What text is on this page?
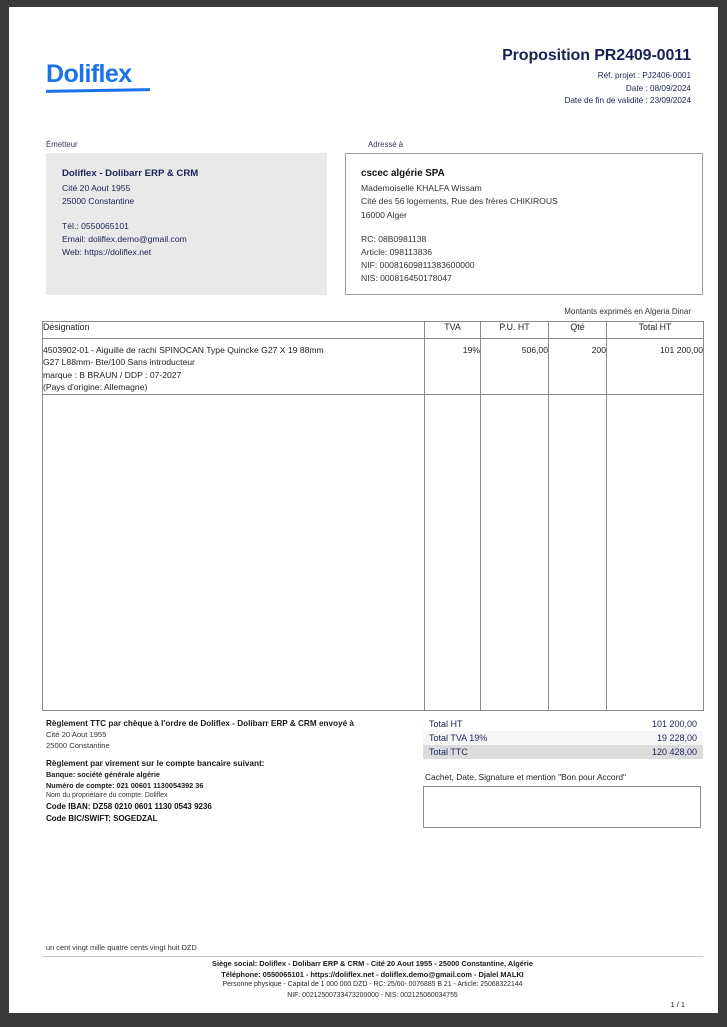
Doliflex
Proposition PR2409-0011
Réf. projet : PJ2406-0001
Date : 08/09/2024
Date de fin de validité : 23/09/2024
Émetteur	Adressé à
Doliflex - Dolibarr ERP & CRM
Cité 20 Aout 1955
25000 Constantine
Tél.: 0550065101
Email: doliflex.demo@gmail.com
Web: https://doliflex.net
cscec algérie SPA
Mademoiselle KHALFA Wissam
Cité des 56 logements, Rue des frères CHIKIROUS
16000 Alger
RC: 08B0981138
Article: 098113836
NIF: 00081609811383600000
NIS: 000816450178047
Montants exprimés en Algeria Dinar
Désignation	TVA	P.U. HT	Qté	Total HT

4503902-01 - Aiguille de rachi SPINOCAN Type Quincke G27 X 19 88mm
G27 L88mm- Bte/100 Sans introducteur
marque : B BRAUN / DDP : 07-2027
(Pays d'origine: Allemagne)	19%	506,00	200	101 200,00

Total HT	101 200,00
Total TVA 19%	19 228,00
Total TTC	120 428,00
Règlement TTC par chèque à l'ordre de Doliflex - Dolibarr ERP & CRM envoyé à
Cité 20 Aout 1955
25000 Constantine
Règlement par virement sur le compte bancaire suivant:
Banque: société générale algérie
Numéro de compte: 021 00601 1130054392 36
Nom du propriétaire du compte: Doliflex
Code IBAN: DZ58 0210 0601 1130 0543 9236
Code BIC/SWIFT: SOGEDZAL
Cachet, Date, Signature et mention "Bon pour Accord"
un cent vingt mille quatre cents vingt huit DZD
Siège social: Doliflex - Dolibarr ERP & CRM - Cité 20 Aout 1955 - 25000 Constantine, Algérie
Téléphone: 0550065101 - https://doliflex.net - doliflex.demo@gmail.com - Djalel MALKI
Personne physique - Capital de 1 000 000 DZD - RC: 25/00- 0076885 B 21 - Article: 25068322144
NIF: 00212500733473200000 - NIS: 002125060034755
1 / 1
